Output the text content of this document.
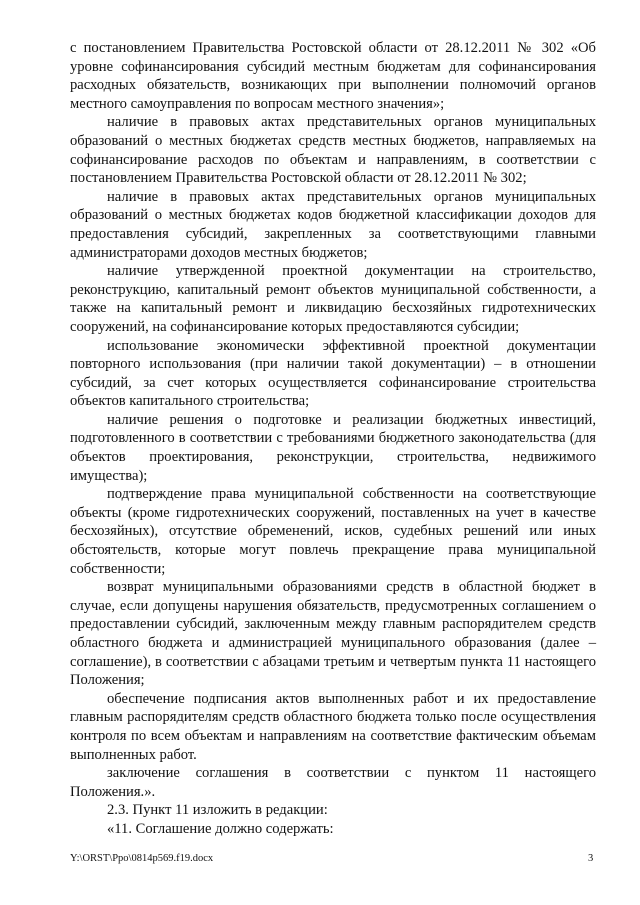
с постановлением Правительства Ростовской области от 28.12.2011 № 302 «Об уровне софинансирования субсидий местным бюджетам для софинансирования расходных обязательств, возникающих при выполнении полномочий органов местного самоуправления по вопросам местного значения»;

наличие в правовых актах представительных органов муниципальных образований о местных бюджетах средств местных бюджетов, направляемых на софинансирование расходов по объектам и направлениям, в соответствии с постановлением Правительства Ростовской области от 28.12.2011 № 302;

наличие в правовых актах представительных органов муниципальных образований о местных бюджетах кодов бюджетной классификации доходов для предоставления субсидий, закрепленных за соответствующими главными администраторами доходов местных бюджетов;

наличие утвержденной проектной документации на строительство, реконструкцию, капитальный ремонт объектов муниципальной собственности, а также на капитальный ремонт и ликвидацию бесхозяйных гидротехнических сооружений, на софинансирование которых предоставляются субсидии;

использование экономически эффективной проектной документации повторного использования (при наличии такой документации) – в отношении субсидий, за счет которых осуществляется софинансирование строительства объектов капитального строительства;

наличие решения о подготовке и реализации бюджетных инвестиций, подготовленного в соответствии с требованиями бюджетного законодательства (для объектов проектирования, реконструкции, строительства, недвижимого имущества);

подтверждение права муниципальной собственности на соответствующие объекты (кроме гидротехнических сооружений, поставленных на учет в качестве бесхозяйных), отсутствие обременений, исков, судебных решений или иных обстоятельств, которые могут повлечь прекращение права муниципальной собственности;

возврат муниципальными образованиями средств в областной бюджет в случае, если допущены нарушения обязательств, предусмотренных соглашением о предоставлении субсидий, заключенным между главным распорядителем средств областного бюджета и администрацией муниципального образования (далее – соглашение), в соответствии с абзацами третьим и четвертым пункта 11 настоящего Положения;

обеспечение подписания актов выполненных работ и их предоставление главным распорядителям средств областного бюджета только после осуществления контроля по всем объектам и направлениям на соответствие фактическим объемам выполненных работ.

заключение соглашения в соответствии с пунктом 11 настоящего Положения.».

2.3. Пункт 11 изложить в редакции:

«11. Соглашение должно содержать:

Y:\ORST\Ppo\0814p569.f19.docx	3
